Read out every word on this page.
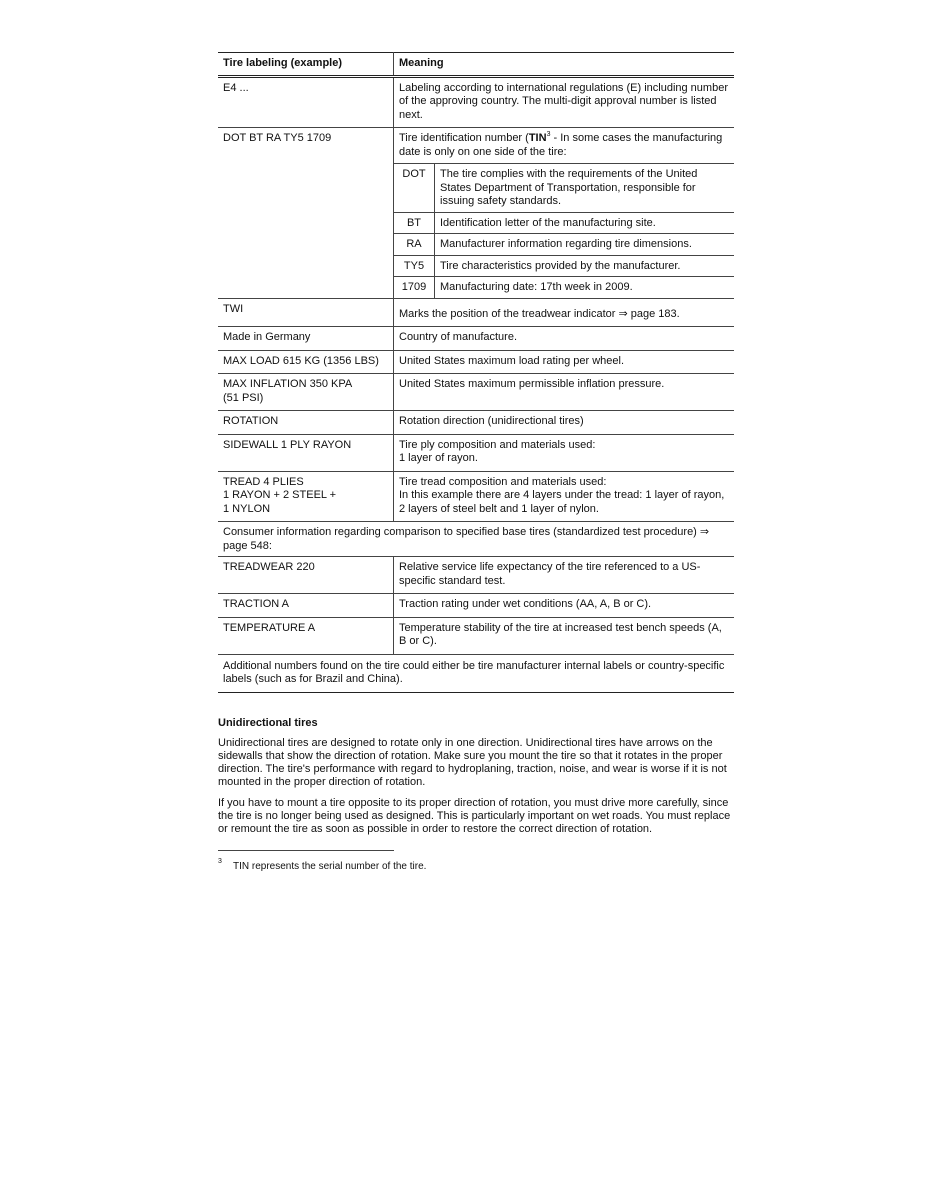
Tire labeling (example)	Meaning
E4 ...	Labeling according to international regulations (E) including number of the approving country. The multi-digit approval number is listed next.
DOT BT RA TY5 1709	Tire identification number (TIN$^3$ - In some cases the manufacturing date is only on one side of the tire:
DOT	The tire complies with the requirements of the United States Department of Transportation, responsible for issuing safety standards.
BT	Identification letter of the manufacturing site.
RA	Manufacturer information regarding tire dimensions.
TY5	Tire characteristics provided by the manufacturer.
1709	Manufacturing date: 17th week in 2009.

TWI	Marks the position of the treadwear indicator ⇒ page 183.
Made in Germany	Country of manufacture.
MAX LOAD 615 KG (1356 LBS)	United States maximum load rating per wheel.
MAX INFLATION 350 KPA
(51 PSI)	United States maximum permissible inflation pressure.
ROTATION	Rotation direction (unidirectional tires)
SIDEWALL 1 PLY RAYON	Tire ply composition and materials used:
1 layer of rayon.
TREAD 4 PLIES
1 RAYON + 2 STEEL +
1 NYLON	Tire tread composition and materials used:
In this example there are 4 layers under the tread: 1 layer of rayon, 2 layers of steel belt and 1 layer of nylon.
Consumer information regarding comparison to specified base tires (standardized test procedure) ⇒ page 548:
TREADWEAR 220	Relative service life expectancy of the tire referenced to a US-specific standard test.
TRACTION A	Traction rating under wet conditions (AA, A, B or C).
TEMPERATURE A	Temperature stability of the tire at increased test bench speeds (A, B or C).
Additional numbers found on the tire could either be tire manufacturer internal labels or country-specific labels (such as for Brazil and China).
Unidirectional tires

Unidirectional tires are designed to rotate only in one direction. Unidirectional tires have arrows on the sidewalls that show the direction of rotation. Make sure you mount the tire so that it rotates in the proper direction. The tire's performance with regard to hydroplaning, traction, noise, and wear is worse if it is not mounted in the proper direction of rotation.

If you have to mount a tire opposite to its proper direction of rotation, you must drive more carefully, since the tire is no longer being used as designed. This is particularly important on wet roads. You must replace or remount the tire as soon as possible in order to restore the correct direction of rotation.

3 TIN represents the serial number of the tire.
